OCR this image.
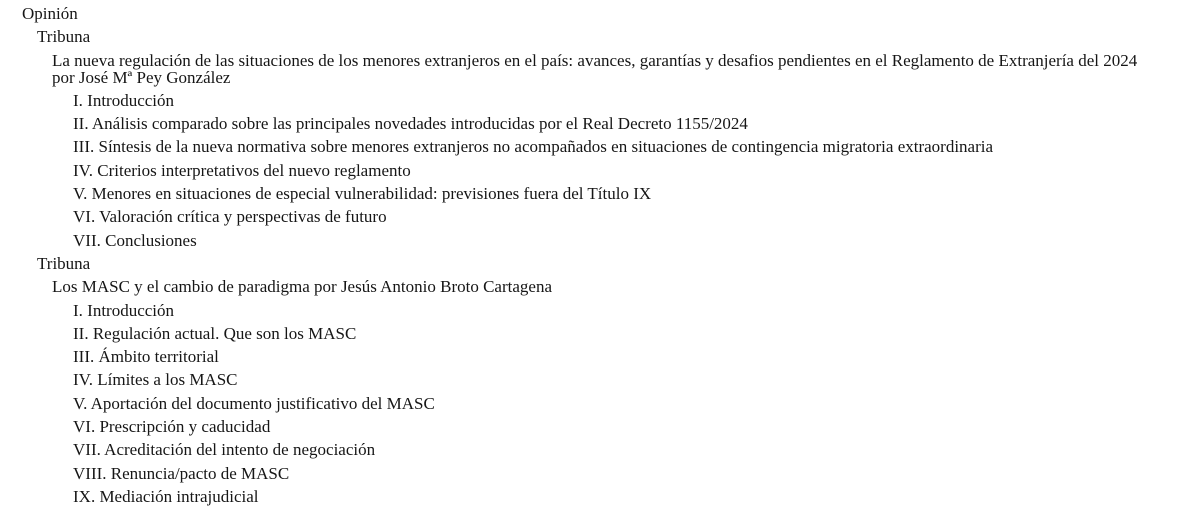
Opinión
Tribuna
La nueva regulación de las situaciones de los menores extranjeros en el país: avances, garantías y desafios pendientes en el Reglamento de Extranjería del 2024
por José Mª Pey González
I. Introducción
II. Análisis comparado sobre las principales novedades introducidas por el Real Decreto 1155/2024
III. Síntesis de la nueva normativa sobre menores extranjeros no acompañados en situaciones de contingencia migratoria extraordinaria
IV. Criterios interpretativos del nuevo reglamento
V. Menores en situaciones de especial vulnerabilidad: previsiones fuera del Título IX
VI. Valoración crítica y perspectivas de futuro
VII. Conclusiones
Tribuna
Los MASC y el cambio de paradigma por Jesús Antonio Broto Cartagena
I. Introducción
II. Regulación actual. Que son los MASC
III. Ámbito territorial
IV. Límites a los MASC
V. Aportación del documento justificativo del MASC
VI. Prescripción y caducidad
VII. Acreditación del intento de negociación
VIII. Renuncia/pacto de MASC
IX. Mediación intrajudicial
